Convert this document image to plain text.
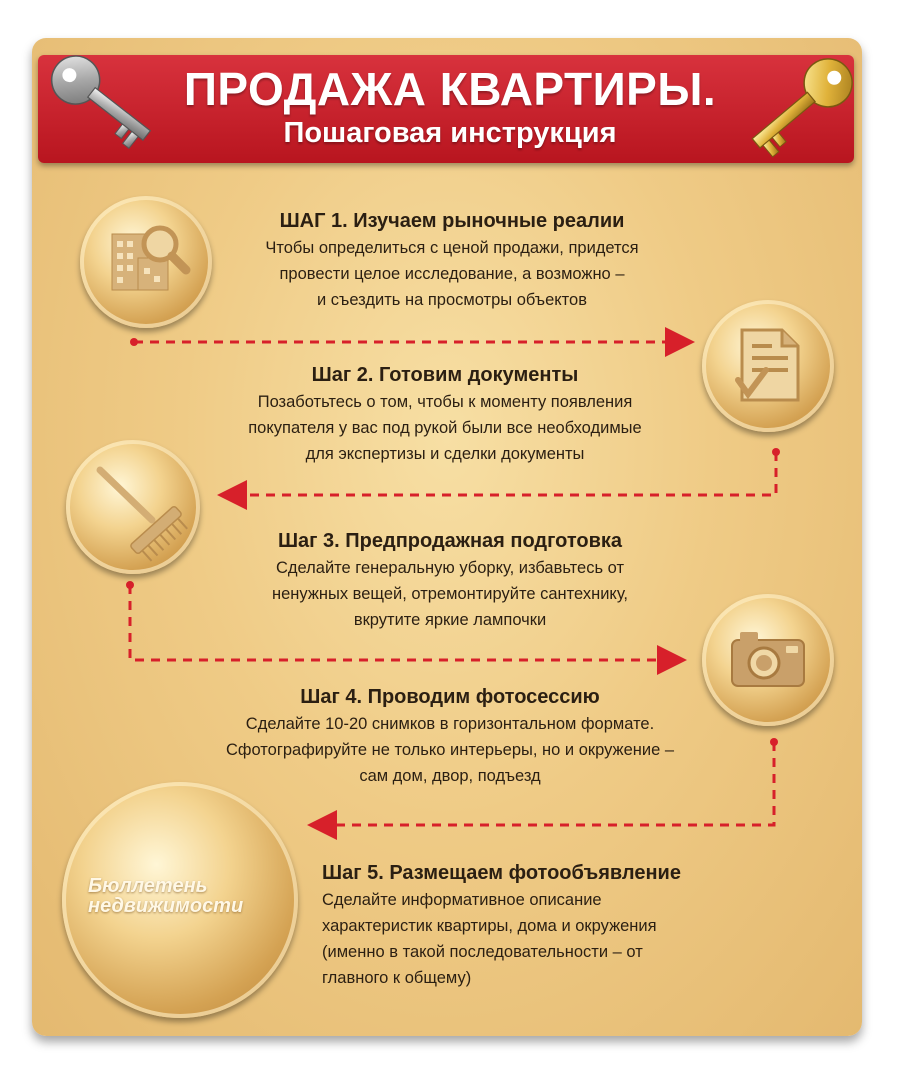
ПРОДАЖА КВАРТИРЫ.
Пошаговая инструкция
ШАГ 1. Изучаем рыночные реалии

Чтобы определиться с ценой продажи, придется
провести целое исследование, а возможно –
и съездить на просмотры объектов

Шаг 2. Готовим документы

Позаботьтесь о том, чтобы к моменту появления
покупателя у вас под рукой были все необходимые
для экспертизы и сделки документы

Шаг 3. Предпродажная подготовка

Сделайте генеральную уборку, избавьтесь от
ненужных вещей, отремонтируйте сантехнику,
вкрутите яркие лампочки

Шаг 4. Проводим фотосессию

Сделайте 10-20 снимков в горизонтальном формате.
Сфотографируйте не только интерьеры, но и окружение –
сам дом, двор, подъезд

Бюллетень
недвижимости
Шаг 5. Размещаем фотообъявление

Сделайте информативное описание
характеристик квартиры, дома и окружения
(именно в такой последовательности – от
главного к общему)
